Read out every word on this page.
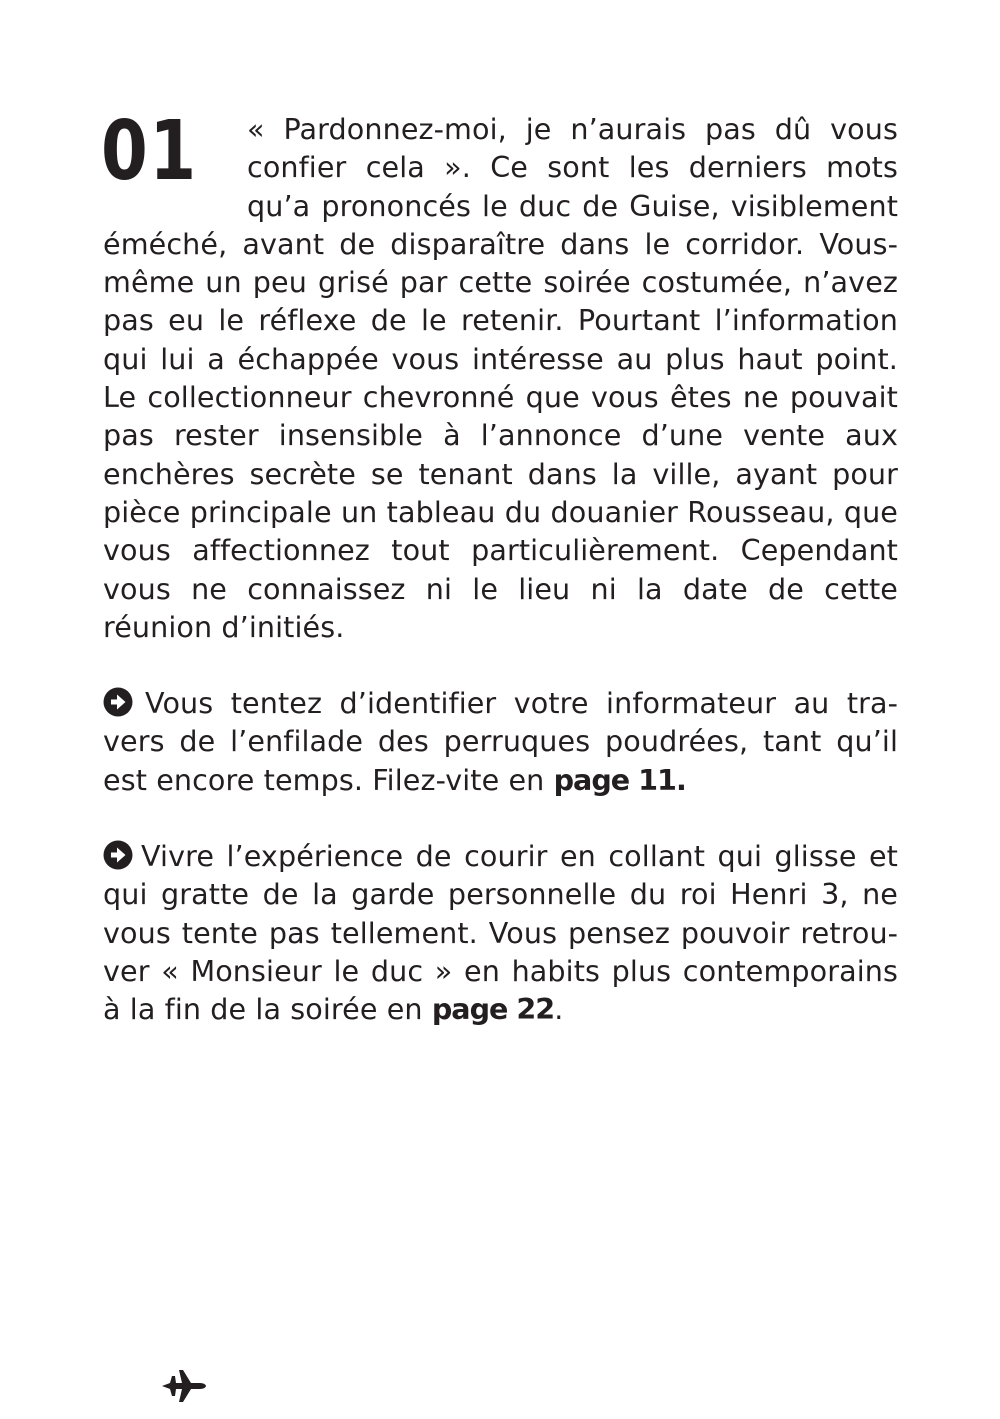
01	« Pardonnez-moi, je n’aurais pas dû vous confier cela ». Ce sont les derniers mots qu’a prononcés le duc de Guise, visiblement éméché, avant de disparaître dans le corridor. Vous-même un peu grisé par cette soirée costumée, n’avez pas eu le réflexe de le retenir. Pourtant l’information qui lui a échappée vous intéresse au plus haut point. Le collectionneur chevronné que vous êtes ne pouvait pas rester insensible à l’annonce d’une vente aux enchères secrète se tenant dans la ville, ayant pour pièce principale un tableau du douanier Rousseau, que vous affectionnez tout particulièrement. Cependant vous ne connaissez ni le lieu ni la date de cette réunion d’initiés.

Vous tentez d’identifier votre informateur au travers de l’enfilade des perruques poudrées, tant qu’il est encore temps. Filez-vite en page 11.

Vivre l’expérience de courir en collant qui glisse et qui gratte de la garde personnelle du roi Henri 3, ne vous tente pas tellement. Vous pensez pouvoir retrouver « Monsieur le duc » en habits plus contemporains à la fin de la soirée en page 22.
